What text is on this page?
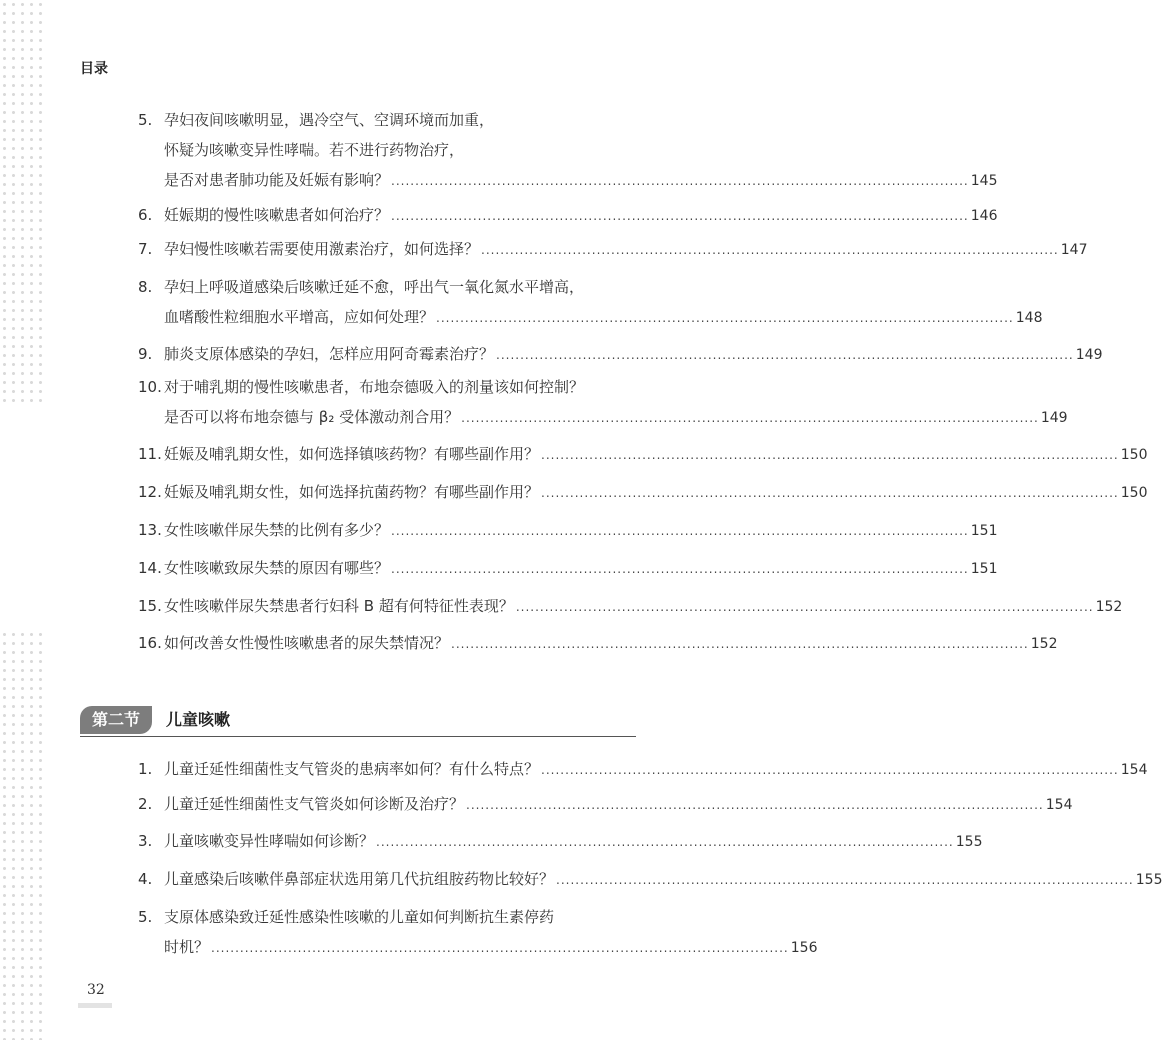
目录
5. 孕妇夜间咳嗽明显，遇冷空气、空调环境而加重，
怀疑为咳嗽变异性哮喘。若不进行药物治疗，
是否对患者肺功能及妊娠有影响？ ........................................................................................................................ 145
6. 妊娠期的慢性咳嗽患者如何治疗？ ........................................................................................................................ 146
7. 孕妇慢性咳嗽若需要使用激素治疗，如何选择？ ........................................................................................................................ 147
8. 孕妇上呼吸道感染后咳嗽迁延不愈，呼出气一氧化氮水平增高，
血嗜酸性粒细胞水平增高，应如何处理？ ........................................................................................................................ 148
9. 肺炎支原体感染的孕妇，怎样应用阿奇霉素治疗？ ........................................................................................................................ 149
10. 对于哺乳期的慢性咳嗽患者，布地奈德吸入的剂量该如何控制？
是否可以将布地奈德与 β₂ 受体激动剂合用？ ........................................................................................................................ 149
11. 妊娠及哺乳期女性，如何选择镇咳药物？有哪些副作用？ ........................................................................................................................ 150
12. 妊娠及哺乳期女性，如何选择抗菌药物？有哪些副作用？ ........................................................................................................................ 150
13. 女性咳嗽伴尿失禁的比例有多少？ ........................................................................................................................ 151
14. 女性咳嗽致尿失禁的原因有哪些？ ........................................................................................................................ 151
15. 女性咳嗽伴尿失禁患者行妇科 B 超有何特征性表现？ ........................................................................................................................ 152
16. 如何改善女性慢性咳嗽患者的尿失禁情况？ ........................................................................................................................ 152
第二节	儿童咳嗽
1. 儿童迁延性细菌性支气管炎的患病率如何？有什么特点？ ........................................................................................................................ 154
2. 儿童迁延性细菌性支气管炎如何诊断及治疗？ ........................................................................................................................ 154
3. 儿童咳嗽变异性哮喘如何诊断？ ........................................................................................................................ 155
4. 儿童感染后咳嗽伴鼻部症状选用第几代抗组胺药物比较好？ ........................................................................................................................ 155
5. 支原体感染致迁延性感染性咳嗽的儿童如何判断抗生素停药
时机？ ........................................................................................................................ 156
32
